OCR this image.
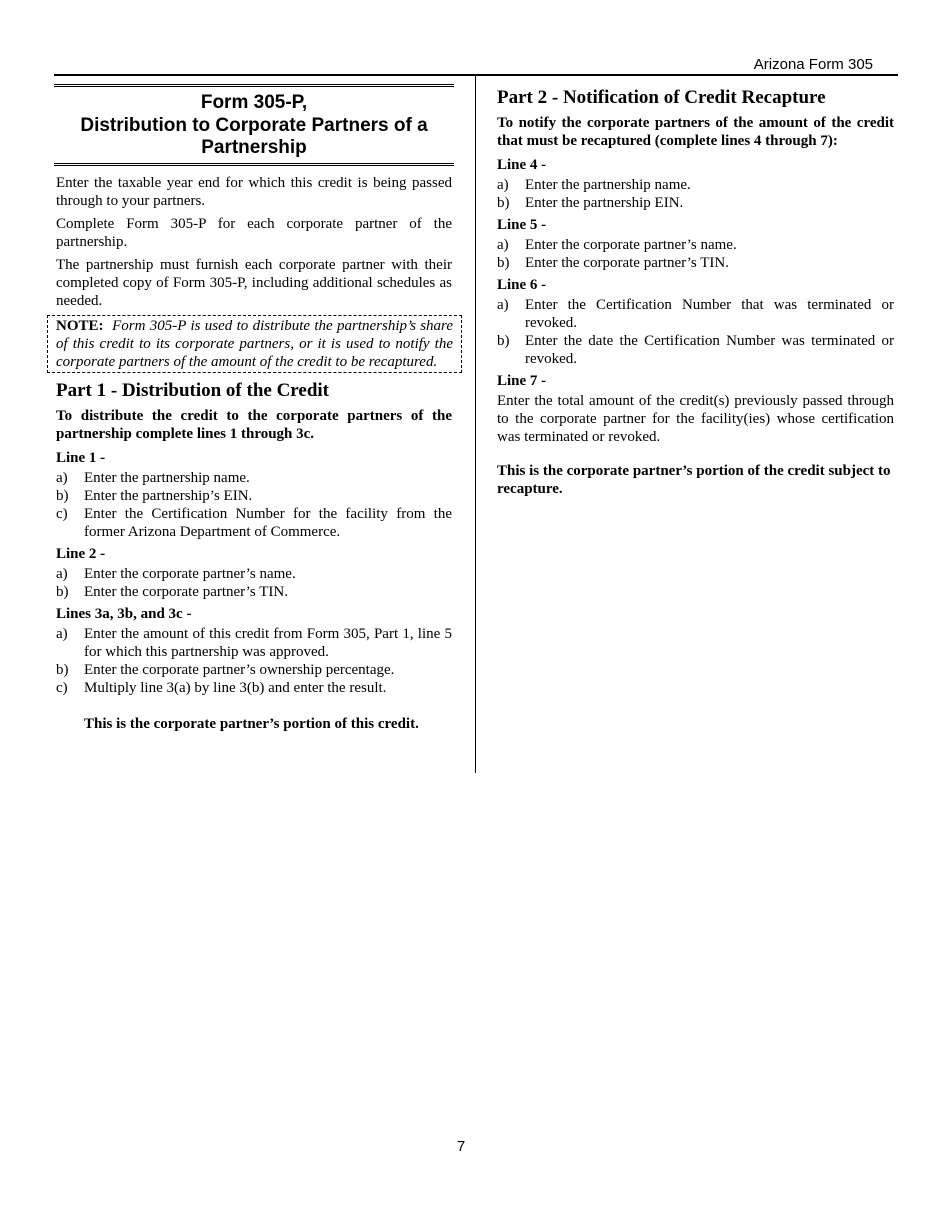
Arizona Form 305
Form 305-P,
Distribution to Corporate Partners of a
Partnership

Enter the taxable year end for which this credit is being passed through to your partners.

Complete Form 305-P for each corporate partner of the partnership.

The partnership must furnish each corporate partner with their completed copy of Form 305-P, including additional schedules as needed.

NOTE: Form 305-P is used to distribute the partnership’s share of this credit to its corporate partners, or it is used to notify the corporate partners of the amount of the credit to be recaptured.
Part 1 - Distribution of the Credit

To distribute the credit to the corporate partners of the partnership complete lines 1 through 3c.

Line 1 -
a)	Enter the partnership name.
b)	Enter the partnership’s EIN.
c)	Enter the Certification Number for the facility from the former Arizona Department of Commerce.
Line 2 -
a)	Enter the corporate partner’s name.
b)	Enter the corporate partner’s TIN.
Lines 3a, 3b, and 3c -
a)	Enter the amount of this credit from Form 305, Part 1, line 5 for which this partnership was approved.
b)	Enter the corporate partner’s ownership percentage.
c)	Multiply line 3(a) by line 3(b) and enter the result.
This is the corporate partner’s portion of this credit.
Part 2 - Notification of Credit Recapture

To notify the corporate partners of the amount of the credit that must be recaptured (complete lines 4 through 7):

Line 4 -
a)	Enter the partnership name.
b)	Enter the partnership EIN.
Line 5 -
a)	Enter the corporate partner’s name.
b)	Enter the corporate partner’s TIN.
Line 6 -
a)	Enter the Certification Number that was terminated or revoked.
b)	Enter the date the Certification Number was terminated or revoked.
Line 7 -

Enter the total amount of the credit(s) previously passed through to the corporate partner for the facility(ies) whose certification was terminated or revoked.

This is the corporate partner’s portion of the credit subject to recapture.
7
